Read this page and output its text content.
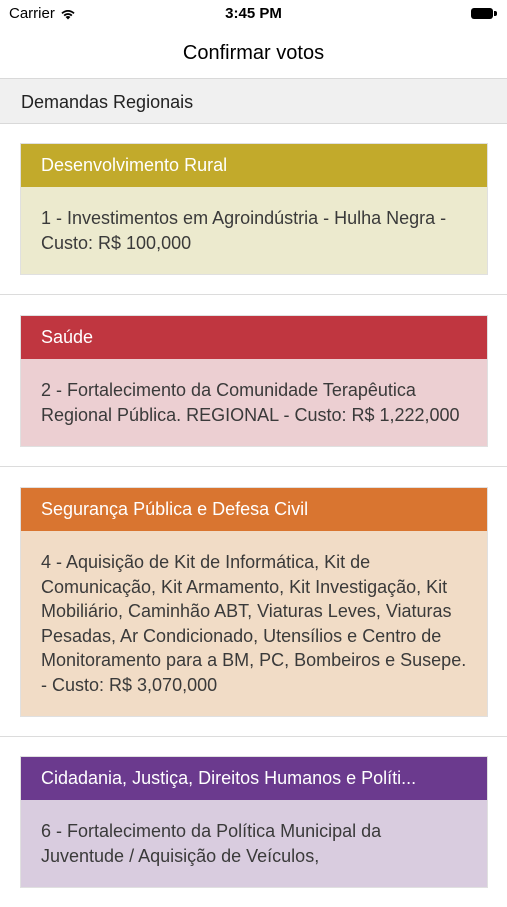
Carrier	3:45 PM
Confirmar votos
Demandas Regionais
Desenvolvimento Rural
1 - Investimentos em Agroindústria - Hulha Negra - Custo: R$ 100,000
Saúde
2 - Fortalecimento da Comunidade Terapêutica Regional Pública. REGIONAL - Custo: R$ 1,222,000
Segurança Pública e Defesa Civil
4 - Aquisição de Kit de Informática, Kit de Comunicação, Kit Armamento, Kit Investigação, Kit Mobiliário, Caminhão ABT, Viaturas Leves, Viaturas Pesadas, Ar Condicionado, Utensílios e Centro de Monitoramento para a BM, PC, Bombeiros e Susepe. - Custo: R$ 3,070,000
Cidadania, Justiça, Direitos Humanos e Políti...
6 - Fortalecimento da Política Municipal da Juventude / Aquisição de Veículos,
